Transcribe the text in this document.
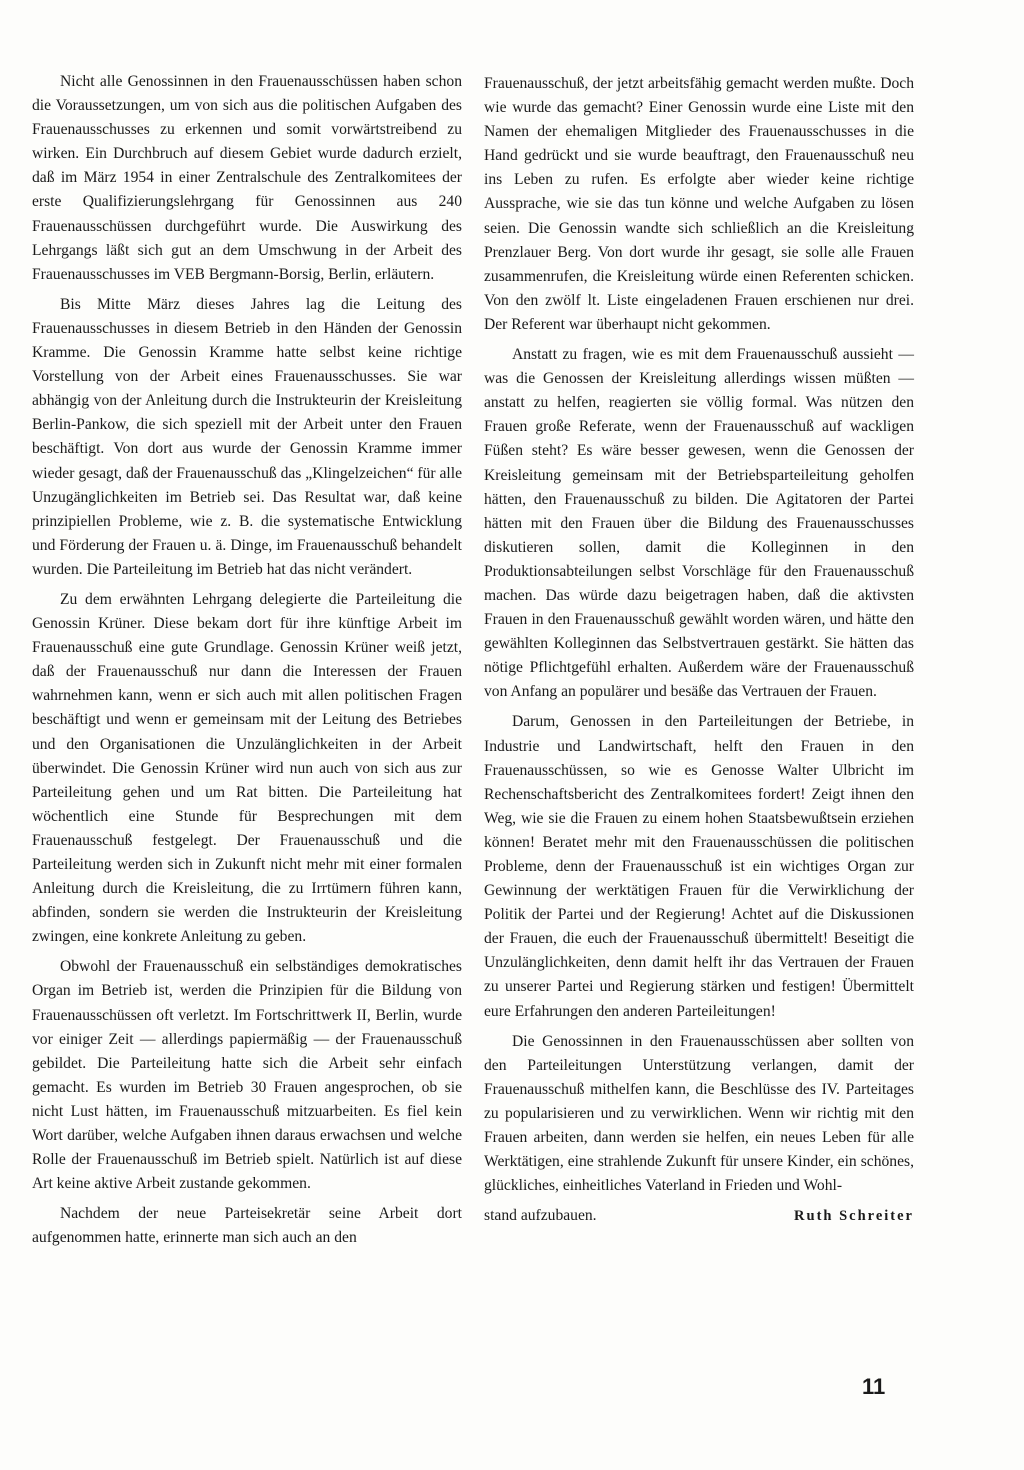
Nicht alle Genossinnen in den Frauenausschüssen haben schon die Voraussetzungen, um von sich aus die politischen Aufgaben des Frauenausschusses zu erkennen und somit vorwärtstreibend zu wirken. Ein Durchbruch auf diesem Gebiet wurde dadurch erzielt, daß im März 1954 in einer Zentralschule des Zentralkomitees der erste Qualifizierungslehrgang für Genossinnen aus 240 Frauenausschüssen durchgeführt wurde. Die Auswirkung des Lehrgangs läßt sich gut an dem Umschwung in der Arbeit des Frauenausschusses im VEB Bergmann-Borsig, Berlin, erläutern.

Bis Mitte März dieses Jahres lag die Leitung des Frauenausschusses in diesem Betrieb in den Händen der Genossin Kramme. Die Genossin Kramme hatte selbst keine richtige Vorstellung von der Arbeit eines Frauenausschusses. Sie war abhängig von der Anleitung durch die Instrukteurin der Kreisleitung Berlin-Pankow, die sich speziell mit der Arbeit unter den Frauen beschäftigt. Von dort aus wurde der Genossin Kramme immer wieder gesagt, daß der Frauenausschuß das „Klingelzeichen“ für alle Unzugänglichkeiten im Betrieb sei. Das Resultat war, daß keine prinzipiellen Probleme, wie z. B. die systematische Entwicklung und Förderung der Frauen u. ä. Dinge, im Frauenausschuß behandelt wurden. Die Parteileitung im Betrieb hat das nicht verändert.

Zu dem erwähnten Lehrgang delegierte die Parteileitung die Genossin Krüner. Diese bekam dort für ihre künftige Arbeit im Frauenausschuß eine gute Grundlage. Genossin Krüner weiß jetzt, daß der Frauenausschuß nur dann die Interessen der Frauen wahrnehmen kann, wenn er sich auch mit allen politischen Fragen beschäftigt und wenn er gemeinsam mit der Leitung des Betriebes und den Organisationen die Unzulänglichkeiten in der Arbeit überwindet. Die Genossin Krüner wird nun auch von sich aus zur Parteileitung gehen und um Rat bitten. Die Parteileitung hat wöchentlich eine Stunde für Besprechungen mit dem Frauenausschuß festgelegt. Der Frauenausschuß und die Parteileitung werden sich in Zukunft nicht mehr mit einer formalen Anleitung durch die Kreisleitung, die zu Irrtümern führen kann, abfinden, sondern sie werden die Instrukteurin der Kreisleitung zwingen, eine konkrete Anleitung zu geben.

Obwohl der Frauenausschuß ein selbständiges demokratisches Organ im Betrieb ist, werden die Prinzipien für die Bildung von Frauenausschüssen oft verletzt. Im Fortschrittwerk II, Berlin, wurde vor einiger Zeit — allerdings papiermäßig — der Frauenausschuß gebildet. Die Parteileitung hatte sich die Arbeit sehr einfach gemacht. Es wurden im Betrieb 30 Frauen angesprochen, ob sie nicht Lust hätten, im Frauenausschuß mitzuarbeiten. Es fiel kein Wort darüber, welche Aufgaben ihnen daraus erwachsen und welche Rolle der Frauenausschuß im Betrieb spielt. Natürlich ist auf diese Art keine aktive Arbeit zustande gekommen.

Nachdem der neue Parteisekretär seine Arbeit dort aufgenommen hatte, erinnerte man sich auch an den

Frauenausschuß, der jetzt arbeitsfähig gemacht werden mußte. Doch wie wurde das gemacht? Einer Genossin wurde eine Liste mit den Namen der ehemaligen Mitglieder des Frauenausschusses in die Hand gedrückt und sie wurde beauftragt, den Frauenausschuß neu ins Leben zu rufen. Es erfolgte aber wieder keine richtige Aussprache, wie sie das tun könne und welche Aufgaben zu lösen seien. Die Genossin wandte sich schließlich an die Kreisleitung Prenzlauer Berg. Von dort wurde ihr gesagt, sie solle alle Frauen zusammenrufen, die Kreisleitung würde einen Referenten schicken. Von den zwölf lt. Liste eingeladenen Frauen erschienen nur drei. Der Referent war überhaupt nicht gekommen.

Anstatt zu fragen, wie es mit dem Frauenausschuß aussieht — was die Genossen der Kreisleitung allerdings wissen müßten — anstatt zu helfen, reagierten sie völlig formal. Was nützen den Frauen große Referate, wenn der Frauenausschuß auf wackligen Füßen steht? Es wäre besser gewesen, wenn die Genossen der Kreisleitung gemeinsam mit der Betriebsparteileitung geholfen hätten, den Frauenausschuß zu bilden. Die Agitatoren der Partei hätten mit den Frauen über die Bildung des Frauenausschusses diskutieren sollen, damit die Kolleginnen in den Produktionsabteilungen selbst Vorschläge für den Frauenausschuß machen. Das würde dazu beigetragen haben, daß die aktivsten Frauen in den Frauenausschuß gewählt worden wären, und hätte den gewählten Kolleginnen das Selbstvertrauen gestärkt. Sie hätten das nötige Pflichtgefühl erhalten. Außerdem wäre der Frauenausschuß von Anfang an populärer und besäße das Vertrauen der Frauen.

Darum, Genossen in den Parteileitungen der Betriebe, in Industrie und Landwirtschaft, helft den Frauen in den Frauenausschüssen, so wie es Genosse Walter Ulbricht im Rechenschaftsbericht des Zentralkomitees fordert! Zeigt ihnen den Weg, wie sie die Frauen zu einem hohen Staatsbewußtsein erziehen können! Beratet mehr mit den Frauenausschüssen die politischen Probleme, denn der Frauenausschuß ist ein wichtiges Organ zur Gewinnung der werktätigen Frauen für die Verwirklichung der Politik der Partei und der Regierung! Achtet auf die Diskussionen der Frauen, die euch der Frauenausschuß übermittelt! Beseitigt die Unzulänglichkeiten, denn damit helft ihr das Vertrauen der Frauen zu unserer Partei und Regierung stärken und festigen! Übermittelt eure Erfahrungen den anderen Parteileitungen!

Die Genossinnen in den Frauenausschüssen aber sollten von den Parteileitungen Unterstützung verlangen, damit der Frauenausschuß mithelfen kann, die Beschlüsse des IV. Parteitages zu popularisieren und zu verwirklichen. Wenn wir richtig mit den Frauen arbeiten, dann werden sie helfen, ein neues Leben für alle Werktätigen, eine strahlende Zukunft für unsere Kinder, ein schönes, glückliches, einheitliches Vaterland in Frieden und Wohl-

stand aufzubauen.	Ruth Schreiter

11
